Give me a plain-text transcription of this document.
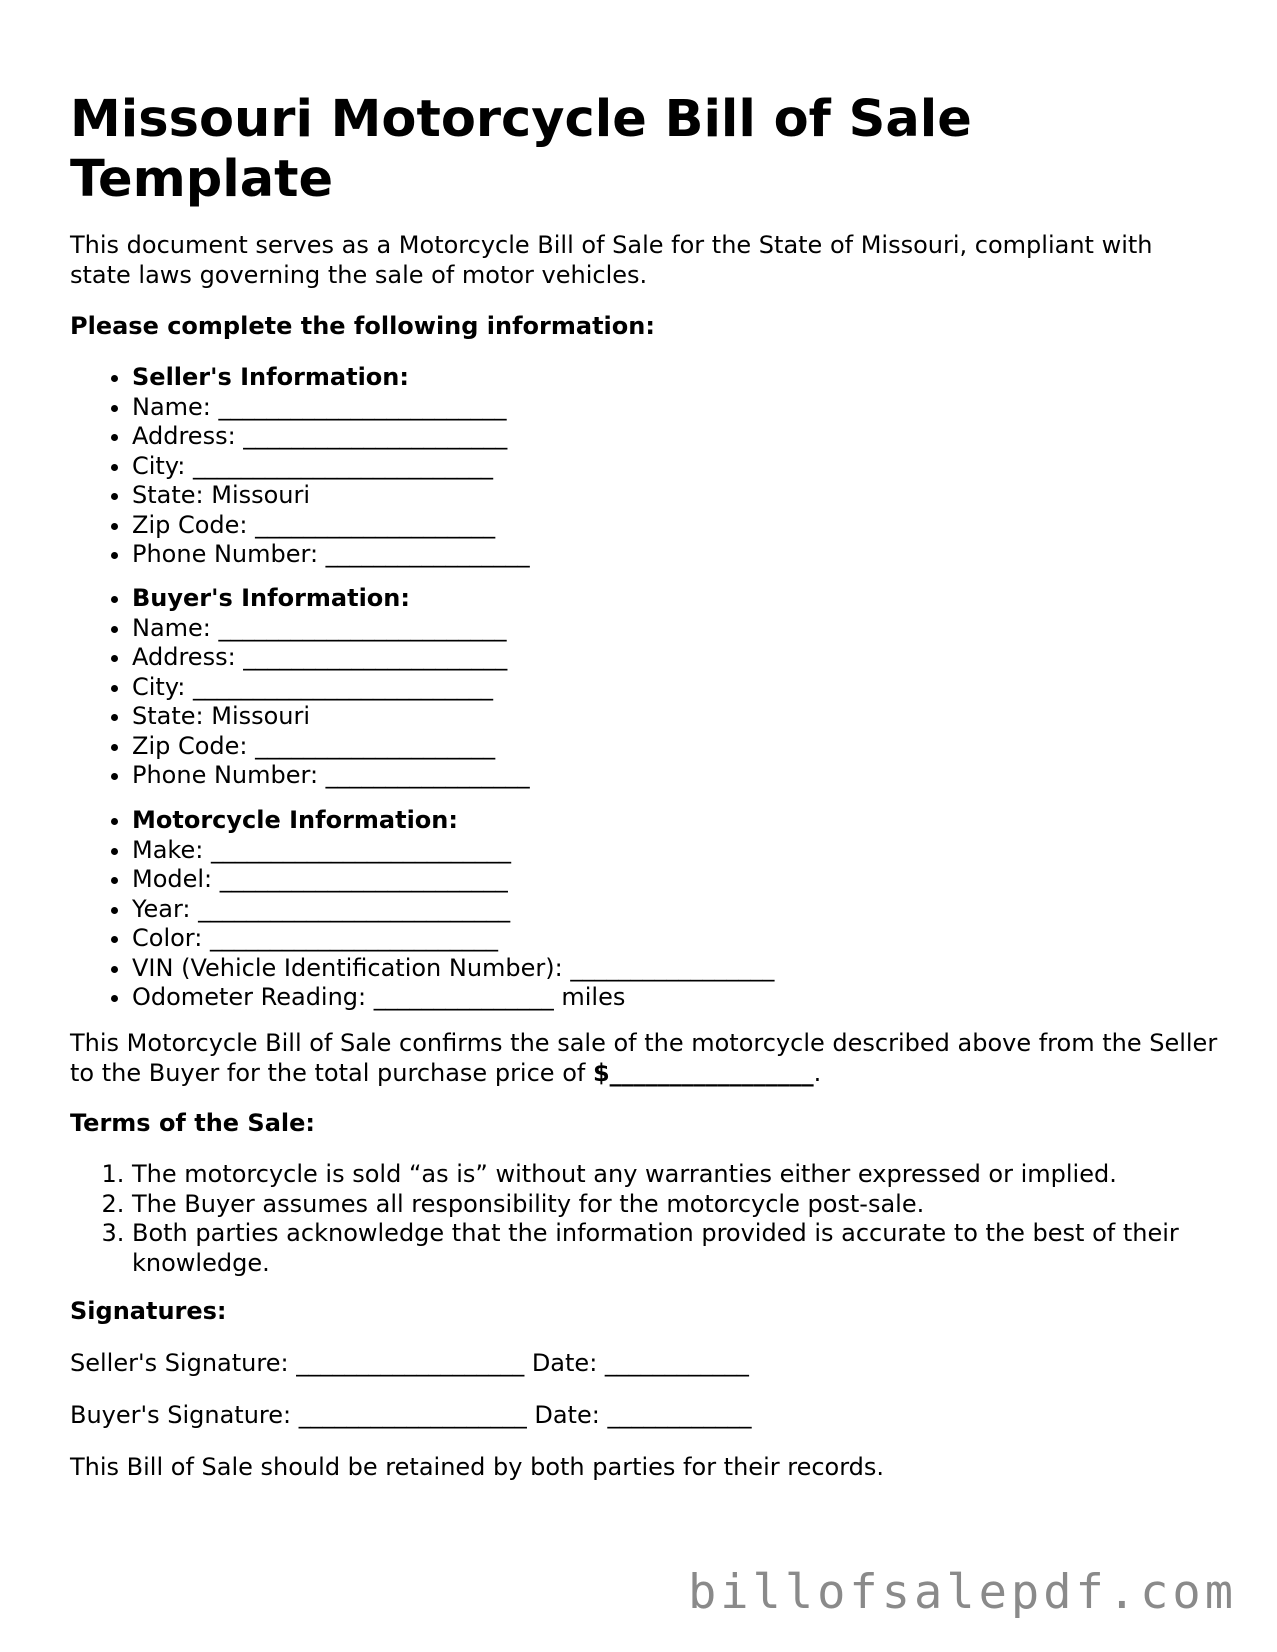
Missouri Motorcycle Bill of Sale Template
This document serves as a Motorcycle Bill of Sale for the State of Missouri, compliant with state laws governing the sale of motor vehicles.
Please complete the following information:
• Seller's Information:
• Name: ________________________
• Address: ______________________
• City: _________________________
• State: Missouri
• Zip Code: ____________________
• Phone Number: _________________
• Buyer's Information:
• Name: ________________________
• Address: ______________________
• City: _________________________
• State: Missouri
• Zip Code: ____________________
• Phone Number: _________________
• Motorcycle Information:
• Make: _________________________
• Model: ________________________
• Year: __________________________
• Color: ________________________
• VIN (Vehicle Identification Number): _________________
• Odometer Reading: _______________ miles
This Motorcycle Bill of Sale confirms the sale of the motorcycle described above from the Seller to the Buyer for the total purchase price of $_________________.
Terms of the Sale:
1. The motorcycle is sold “as is” without any warranties either expressed or implied.
2. The Buyer assumes all responsibility for the motorcycle post-sale.
3. Both parties acknowledge that the information provided is accurate to the best of their knowledge.
Signatures:
Seller's Signature: ___________________ Date: ____________
Buyer's Signature: ___________________ Date: ____________
This Bill of Sale should be retained by both parties for their records.
billofsalepdf.com
